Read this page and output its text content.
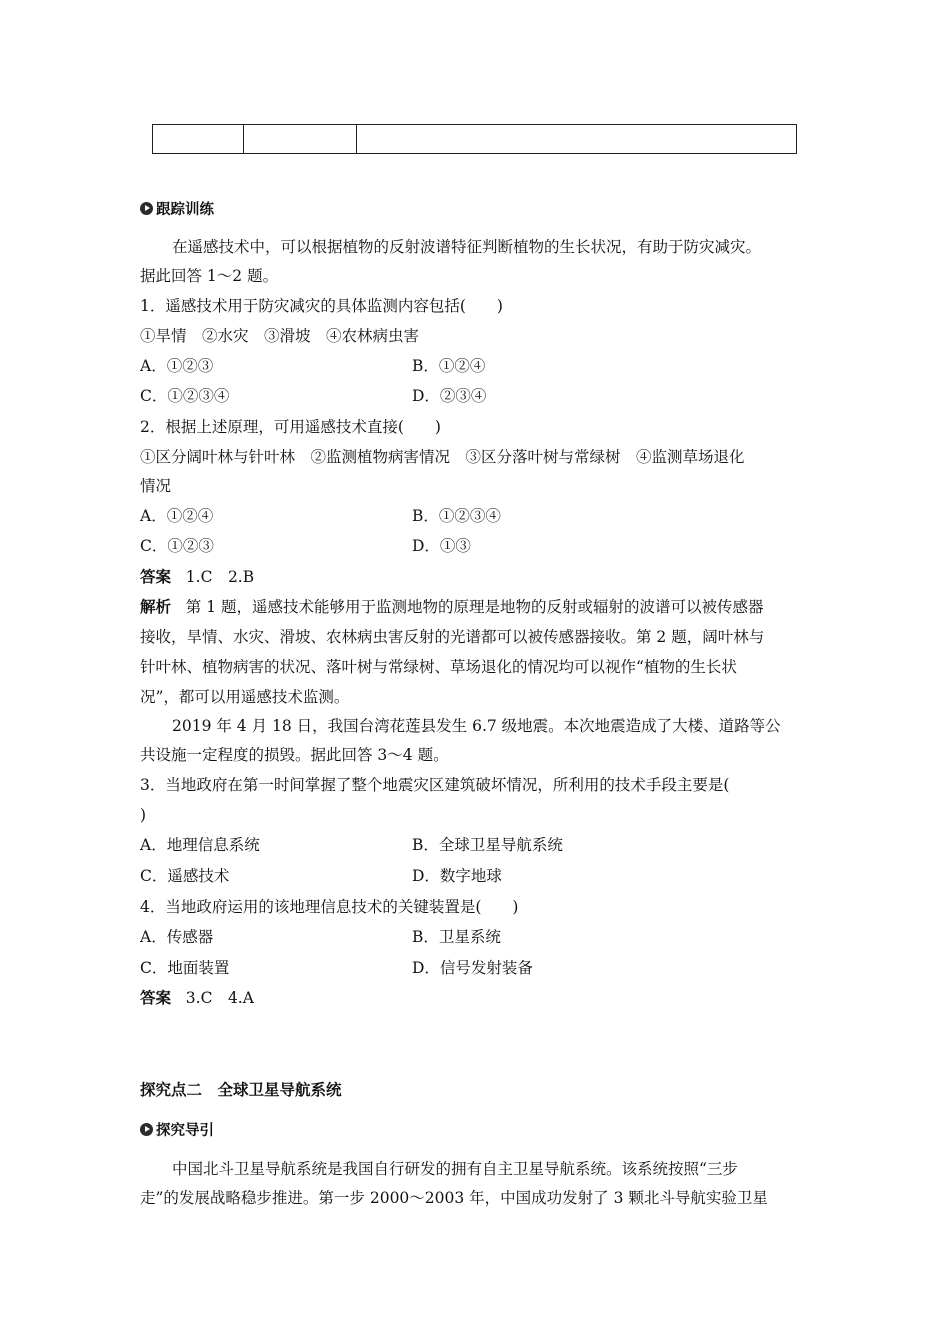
跟踪训练
在遥感技术中，可以根据植物的反射波谱特征判断植物的生长状况，有助于防灾减灾。
据此回答 1～2 题。
1．遥感技术用于防灾减灾的具体监测内容包括(　　)
①旱情　②水灾　③滑坡　④农林病虫害
A．①②③	B．①②④
C．①②③④	D．②③④
2．根据上述原理，可用遥感技术直接(　　)
①区分阔叶林与针叶林　②监测植物病害情况　③区分落叶树与常绿树　④监测草场退化
情况
A．①②④	B．①②③④
C．①②③	D．①③
答案 1.C　2.B
解析 第 1 题，遥感技术能够用于监测地物的原理是地物的反射或辐射的波谱可以被传感器
接收，旱情、水灾、滑坡、农林病虫害反射的光谱都可以被传感器接收。第 2 题，阔叶林与
针叶林、植物病害的状况、落叶树与常绿树、草场退化的情况均可以视作“植物的生长状
况”，都可以用遥感技术监测。
2019 年 4 月 18 日，我国台湾花莲县发生 6.7 级地震。本次地震造成了大楼、道路等公
共设施一定程度的损毁。据此回答 3～4 题。
3．当地政府在第一时间掌握了整个地震灾区建筑破坏情况，所利用的技术手段主要是(
)
A．地理信息系统	B．全球卫星导航系统
C．遥感技术	D．数字地球
4．当地政府运用的该地理信息技术的关键装置是(　　)
A．传感器	B．卫星系统
C．地面装置	D．信号发射装备
答案 3.C　4.A
探究点二　全球卫星导航系统
探究导引
中国北斗卫星导航系统是我国自行研发的拥有自主卫星导航系统。该系统按照“三步
走”的发展战略稳步推进。第一步 2000～2003 年，中国成功发射了 3 颗北斗导航实验卫星
